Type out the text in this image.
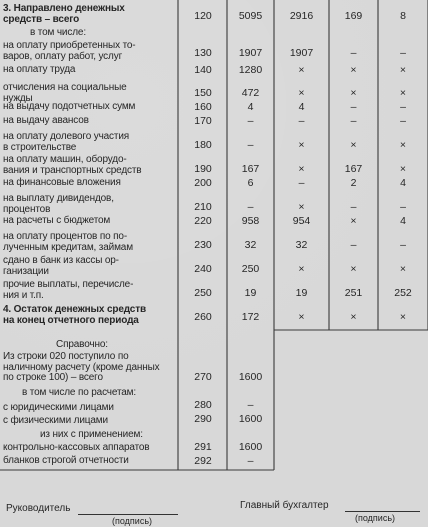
3. Направлено денежных
средств – всего	120	5095	2916	169	8
в том числе:
на оплату приобретенных то-
варов, оплату работ, услуг	130	1907	1907	–	–
на оплату труда	140	1280	×	×	×
отчисления на социальные
нужды	150	472	×	×	×
на выдачу подотчетных сумм	160	4	4	–	–
на выдачу авансов	170	–	–	–	–
на оплату долевого участия
в строительстве	180	–	×	×	×
на оплату машин, оборудо-
вания и транспортных средств	190	167	×	167	×
на финансовые вложения	200	6	–	2	4
на выплату дивидендов,
процентов	210	–	×	–	–
на расчеты с бюджетом	220	958	954	×	4
на оплату процентов по по-
лученным кредитам, займам	230	32	32	–	–
сдано в банк из кассы ор-
ганизации	240	250	×	×	×
прочие выплаты, перечисле-
ния и т.п.	250	19	19	251	252
4. Остаток денежных средств
на конец отчетного периода	260	172	×	×	×
Справочно:
Из строки 020 поступило по
наличному расчету (кроме данных
по строке 100) – всего	270	1600
в том числе по расчетам:
с юридическими лицами	280	–
с физическими лицами	290	1600
из них с применением:
контрольно-кассовых аппаратов	291	1600
бланков строгой отчетности	292	–
Руководитель
(подпись)
Главный бухгалтер
(подпись)
